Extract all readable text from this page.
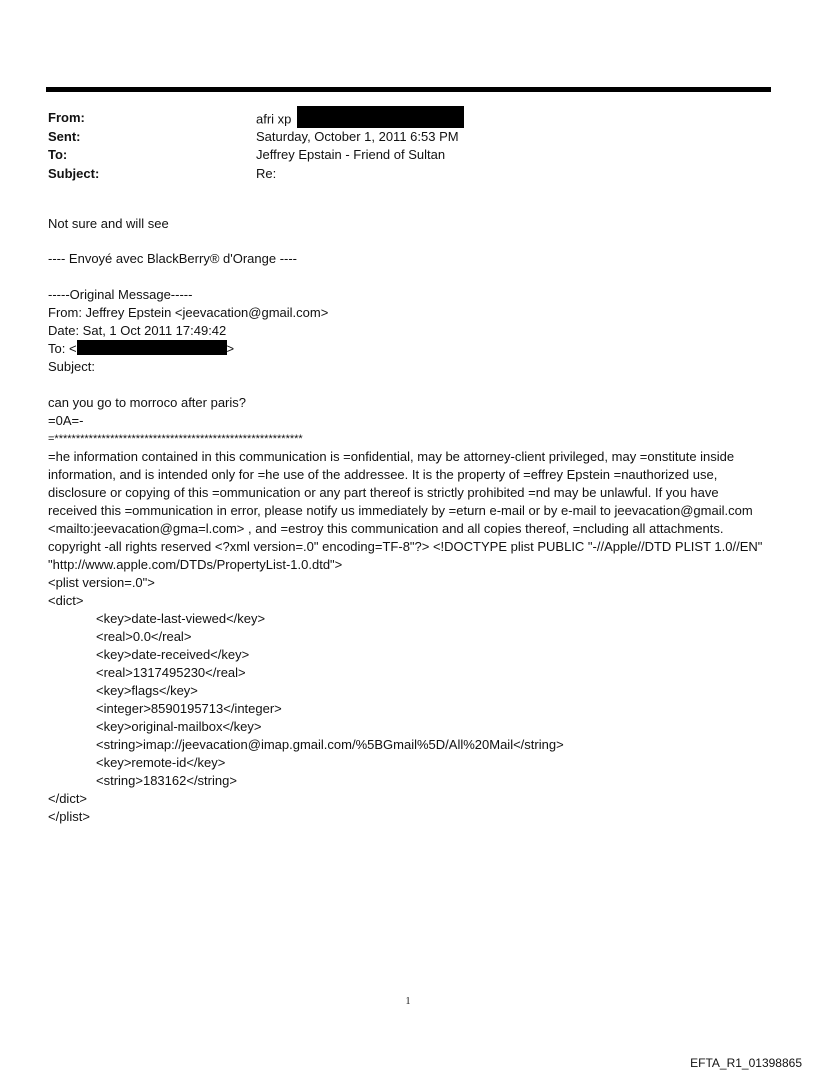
From:	afri xp
Sent:	Saturday, October 1, 2011 6:53 PM
To:	Jeffrey Epstain - Friend of Sultan
Subject:	Re:
Not sure and will see
---- Envoyé avec BlackBerry® d'Orange ----
-----Original Message-----
From: Jeffrey Epstein <jeevacation@gmail.com>
Date: Sat, 1 Oct 2011 17:49:42
To: <	>
Subject:
can you go to morroco after paris?
=0A=-
=**********************************************************
=he information contained in this communication is =onfidential, may be attorney-client privileged, may =onstitute inside information, and is intended only for =he use of the addressee. It is the property of =effrey Epstein =nauthorized use, disclosure or copying of this =ommunication or any part thereof is strictly prohibited =nd may be unlawful. If you have received this =ommunication in error, please notify us immediately by =eturn e-mail or by e-mail to jeevacation@gmail.com <mailto:jeevacation@gma=l.com> , and =estroy this communication and all copies thereof, =ncluding all attachments. copyright -all rights reserved <?xml version=.0" encoding=TF-8"?> <!DOCTYPE plist PUBLIC "-//Apple//DTD PLIST 1.0//EN" "http://www.apple.com/DTDs/PropertyList-1.0.dtd">
<plist version=.0">
<dict>
<key>date-last-viewed</key>
<real>0.0</real>
<key>date-received</key>
<real>1317495230</real>
<key>flags</key>
<integer>8590195713</integer>
<key>original-mailbox</key>
<string>imap://jeevacation@imap.gmail.com/%5BGmail%5D/All%20Mail</string>
<key>remote-id</key>
<string>183162</string>
</dict>
</plist>
1
EFTA_R1_01398865
